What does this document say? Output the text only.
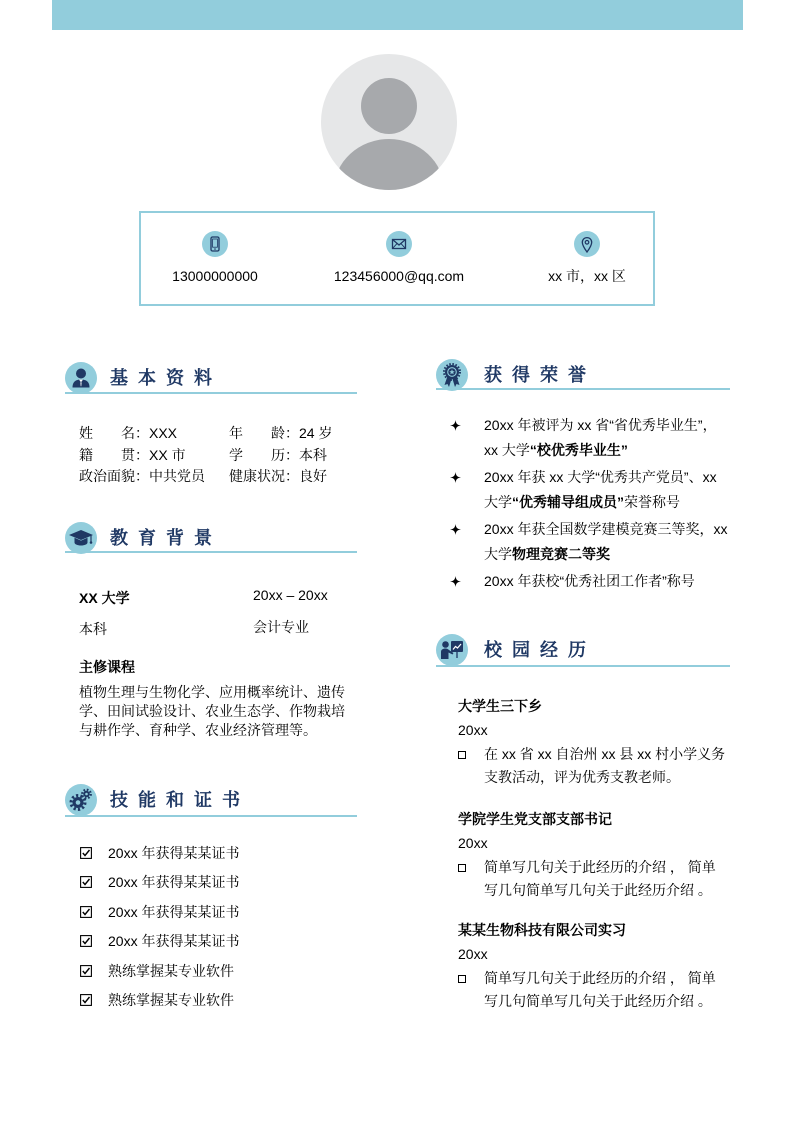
13000000000	123456000@qq.com	xx 市，xx 区
基本资料
姓　　名：XXX	年　　龄：24 岁
籍　　贯：XX 市	学　　历：本科
政治面貌：中共党员	健康状况：良好
教育背景
XX 大学	20xx – 20xx
本科	会计专业
主修课程
植物生理与生物化学、应用概率统计、遗传学、田间试验设计、农业生态学、作物栽培与耕作学、育种学、农业经济管理等。
技能和证书
20xx 年获得某某证书
20xx 年获得某某证书
20xx 年获得某某证书
20xx 年获得某某证书
熟练掌握某专业软件
熟练掌握某专业软件
获得荣誉
20xx 年被评为 xx 省“省优秀毕业生”，
xx 大学“校优秀毕业生”
20xx 年获 xx 大学“优秀共产党员”、xx
大学“优秀辅导组成员”荣誉称号
20xx 年获全国数学建模竞赛三等奖，xx
大学物理竞赛二等奖
20xx 年获校“优秀社团工作者”称号
校园经历
大学生三下乡
20xx
在 xx 省 xx 自治州 xx 县 xx 村小学义务
支教活动，评为优秀支教老师。
学院学生党支部支部书记
20xx
简单写几句关于此经历的介绍 ， 简单
写几句简单写几句关于此经历介绍 。
某某生物科技有限公司实习
20xx
简单写几句关于此经历的介绍 ， 简单
写几句简单写几句关于此经历介绍 。
